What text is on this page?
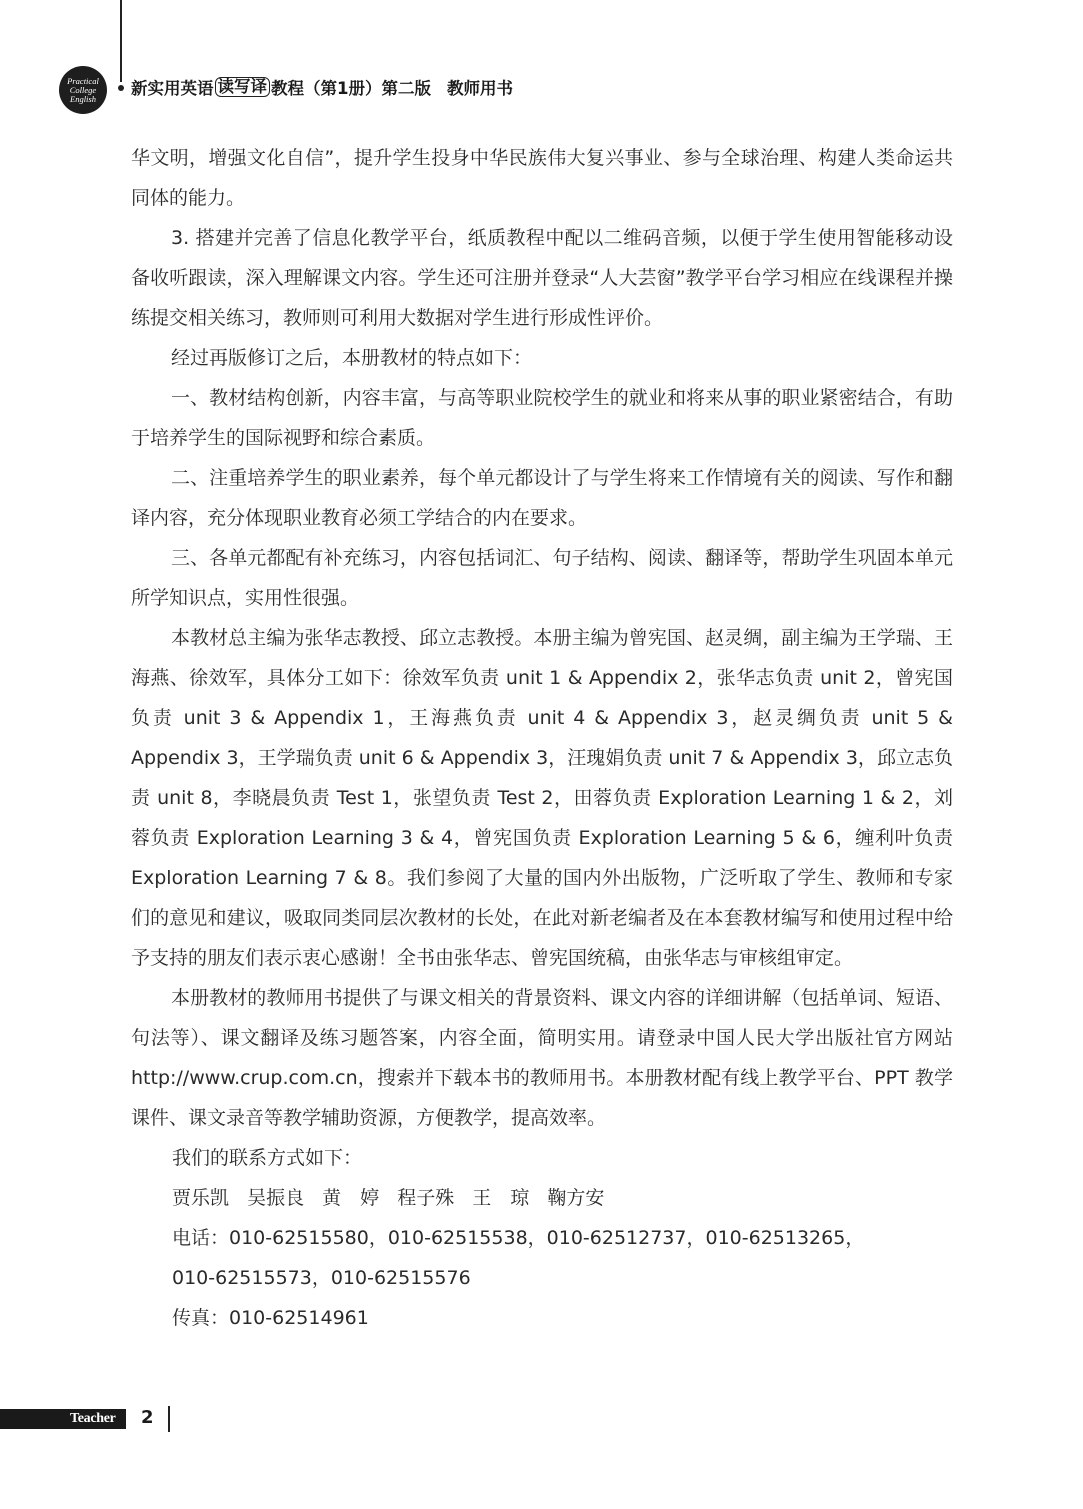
Practical
College
English
新实用英语 读写译 教程（第1册）第二版 教师用书

华文明，增强文化自信”，提升学生投身中华民族伟大复兴事业、参与全球治理、构建人类命运共同体的能力。

3. 搭建并完善了信息化教学平台，纸质教程中配以二维码音频，以便于学生使用智能移动设备收听跟读，深入理解课文内容。学生还可注册并登录“人大芸窗”教学平台学习相应在线课程并操练提交相关练习，教师则可利用大数据对学生进行形成性评价。

经过再版修订之后，本册教材的特点如下：

一、教材结构创新，内容丰富，与高等职业院校学生的就业和将来从事的职业紧密结合，有助于培养学生的国际视野和综合素质。

二、注重培养学生的职业素养，每个单元都设计了与学生将来工作情境有关的阅读、写作和翻译内容，充分体现职业教育必须工学结合的内在要求。

三、各单元都配有补充练习，内容包括词汇、句子结构、阅读、翻译等，帮助学生巩固本单元所学知识点，实用性很强。

本教材总主编为张华志教授、邱立志教授。本册主编为曾宪国、赵灵绸，副主编为王学瑞、王海燕、徐效军，具体分工如下：徐效军负责 unit 1 & Appendix 2，张华志负责 unit 2，曾宪国负责 unit 3 & Appendix 1，王海燕负责 unit 4 & Appendix 3，赵灵绸负责 unit 5 & Appendix 3，王学瑞负责 unit 6 & Appendix 3，汪瑰娟负责 unit 7 & Appendix 3，邱立志负责 unit 8，李晓晨负责 Test 1，张望负责 Test 2，田蓉负责 Exploration Learning 1 & 2，刘蓉负责 Exploration Learning 3 & 4，曾宪国负责 Exploration Learning 5 & 6，缠利叶负责 Exploration Learning 7 & 8。我们参阅了大量的国内外出版物，广泛听取了学生、教师和专家们的意见和建议，吸取同类同层次教材的长处，在此对新老编者及在本套教材编写和使用过程中给予支持的朋友们表示衷心感谢！全书由张华志、曾宪国统稿，由张华志与审核组审定。

本册教材的教师用书提供了与课文相关的背景资料、课文内容的详细讲解（包括单词、短语、句法等）、课文翻译及练习题答案，内容全面，简明实用。请登录中国人民大学出版社官方网站 http://www.crup.com.cn，搜索并下载本书的教师用书。本册教材配有线上教学平台、PPT 教学课件、课文录音等教学辅助资源，方便教学，提高效率。

我们的联系方式如下：

贾乐凯 吴振良 黄　婷 程子殊 王　琼 鞠方安

电话：010-62515580，010-62515538，010-62512737，010-62513265，

010-62515573，010-62515576

传真：010-62514961

Teacher 2
